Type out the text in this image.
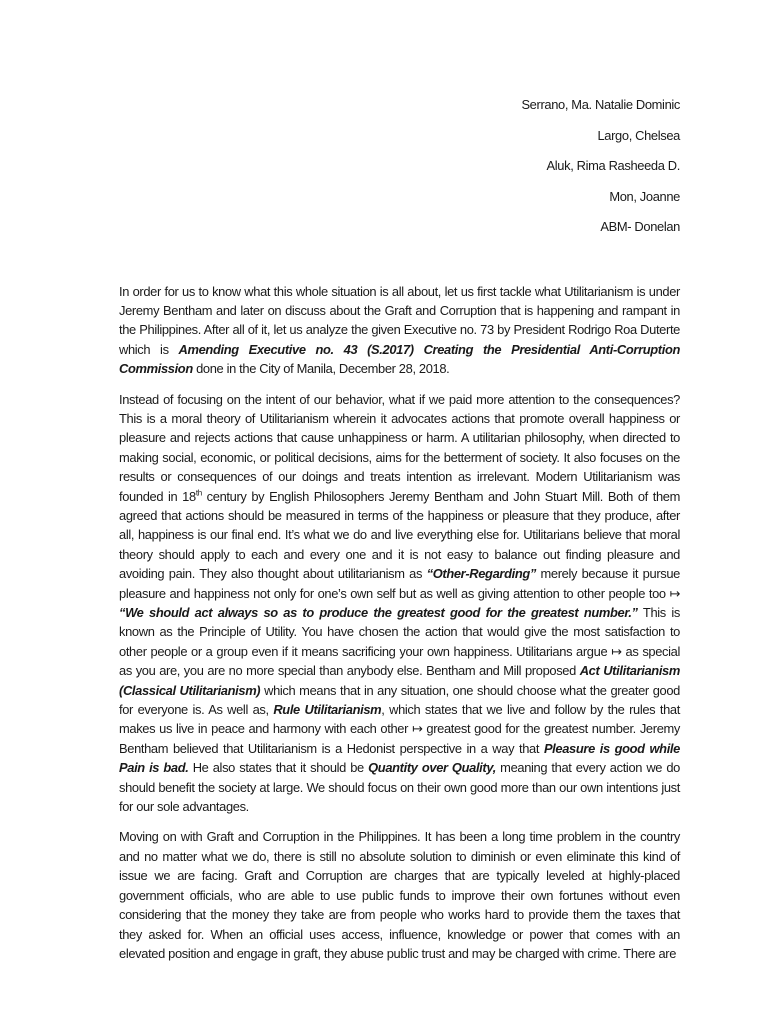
Serrano, Ma. Natalie Dominic
Largo, Chelsea
Aluk, Rima Rasheeda D.
Mon, Joanne
ABM- Donelan

In order for us to know what this whole situation is all about, let us first tackle what Utilitarianism is under Jeremy Bentham and later on discuss about the Graft and Corruption that is happening and rampant in the Philippines. After all of it, let us analyze the given Executive no. 73 by President Rodrigo Roa Duterte which is Amending Executive no. 43 (S.2017) Creating the Presidential Anti-Corruption Commission done in the City of Manila, December 28, 2018.

Instead of focusing on the intent of our behavior, what if we paid more attention to the consequences? This is a moral theory of Utilitarianism wherein it advocates actions that promote overall happiness or pleasure and rejects actions that cause unhappiness or harm. A utilitarian philosophy, when directed to making social, economic, or political decisions, aims for the betterment of society. It also focuses on the results or consequences of our doings and treats intention as irrelevant. Modern Utilitarianism was founded in 18th century by English Philosophers Jeremy Bentham and John Stuart Mill. Both of them agreed that actions should be measured in terms of the happiness or pleasure that they produce, after all, happiness is our final end. It’s what we do and live everything else for. Utilitarians believe that moral theory should apply to each and every one and it is not easy to balance out finding pleasure and avoiding pain. They also thought about utilitarianism as “Other-Regarding” merely because it pursue pleasure and happiness not only for one’s own self but as well as giving attention to other people too ↦ “We should act always so as to produce the greatest good for the greatest number.” This is known as the Principle of Utility. You have chosen the action that would give the most satisfaction to other people or a group even if it means sacrificing your own happiness. Utilitarians argue ↦ as special as you are, you are no more special than anybody else. Bentham and Mill proposed Act Utilitarianism (Classical Utilitarianism) which means that in any situation, one should choose what the greater good for everyone is. As well as, Rule Utilitarianism, which states that we live and follow by the rules that makes us live in peace and harmony with each other ↦ greatest good for the greatest number. Jeremy Bentham believed that Utilitarianism is a Hedonist perspective in a way that Pleasure is good while Pain is bad. He also states that it should be Quantity over Quality, meaning that every action we do should benefit the society at large. We should focus on their own good more than our own intentions just for our sole advantages.

Moving on with Graft and Corruption in the Philippines. It has been a long time problem in the country and no matter what we do, there is still no absolute solution to diminish or even eliminate this kind of issue we are facing. Graft and Corruption are charges that are typically leveled at highly-placed government officials, who are able to use public funds to improve their own fortunes without even considering that the money they take are from people who works hard to provide them the taxes that they asked for. When an official uses access, influence, knowledge or power that comes with an elevated position and engage in graft, they abuse public trust and may be charged with crime. There are
